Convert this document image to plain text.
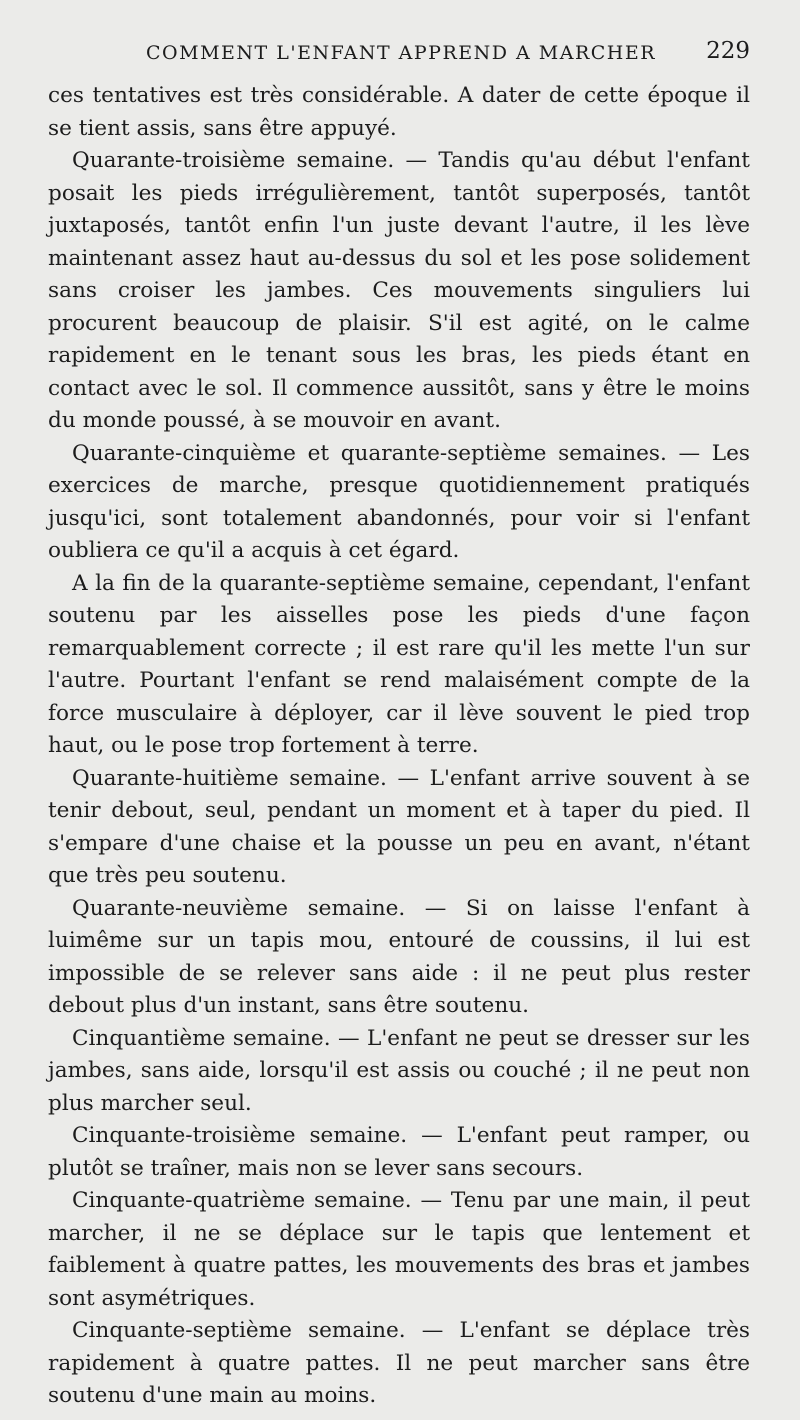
COMMENT L'ENFANT APPREND A MARCHER 229

ces tentatives est très considérable. A dater de cette époque il se tient assis, sans être appuyé.

Quarante-troisième semaine. — Tandis qu'au début l'enfant posait les pieds irrégulièrement, tantôt superposés, tantôt juxtaposés, tantôt enfin l'un juste devant l'autre, il les lève maintenant assez haut au-dessus du sol et les pose solidement sans croiser les jambes. Ces mouvements singuliers lui procurent beaucoup de plaisir. S'il est agité, on le calme rapidement en le tenant sous les bras, les pieds étant en contact avec le sol. Il commence aussitôt, sans y être le moins du monde poussé, à se mouvoir en avant.

Quarante-cinquième et quarante-septième semaines. — Les exercices de marche, presque quotidiennement pratiqués jusqu'ici, sont totalement abandonnés, pour voir si l'enfant oubliera ce qu'il a acquis à cet égard.

A la fin de la quarante-septième semaine, cependant, l'enfant soutenu par les aisselles pose les pieds d'une façon remarquablement correcte ; il est rare qu'il les mette l'un sur l'autre. Pourtant l'enfant se rend malaisément compte de la force musculaire à déployer, car il lève souvent le pied trop haut, ou le pose trop fortement à terre.

Quarante-huitième semaine. — L'enfant arrive souvent à se tenir debout, seul, pendant un moment et à taper du pied. Il s'empare d'une chaise et la pousse un peu en avant, n'étant que très peu soutenu.

Quarante-neuvième semaine. — Si on laisse l'enfant à luimême sur un tapis mou, entouré de coussins, il lui est impossible de se relever sans aide : il ne peut plus rester debout plus d'un instant, sans être soutenu.

Cinquantième semaine. — L'enfant ne peut se dresser sur les jambes, sans aide, lorsqu'il est assis ou couché ; il ne peut non plus marcher seul.

Cinquante-troisième semaine. — L'enfant peut ramper, ou plutôt se traîner, mais non se lever sans secours.

Cinquante-quatrième semaine. — Tenu par une main, il peut marcher, il ne se déplace sur le tapis que lentement et faiblement à quatre pattes, les mouvements des bras et jambes sont asymétriques.

Cinquante-septième semaine. — L'enfant se déplace très rapidement à quatre pattes. Il ne peut marcher sans être soutenu d'une main au moins.
